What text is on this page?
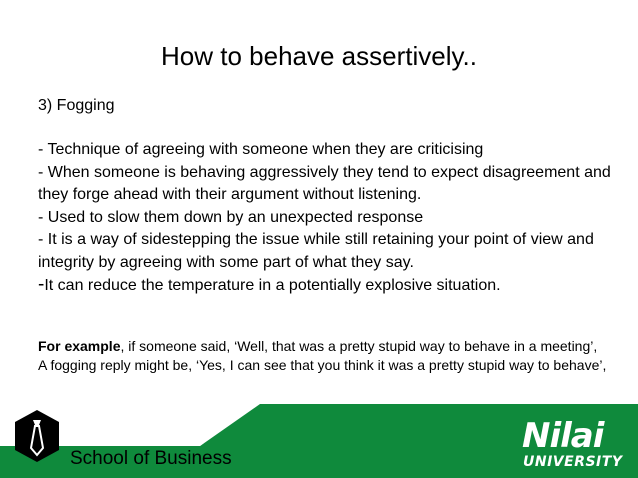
How to behave assertively..
3) Fogging
- Technique of agreeing with someone when they are criticising
- When someone is behaving aggressively they tend to expect disagreement and they forge ahead with their argument without listening.
- Used to slow them down by an unexpected response
- It is a way of sidestepping the issue while still retaining your point of view and integrity by agreeing with some part of what they say.
-It can reduce the temperature in a potentially explosive situation.
For example, if someone said, ‘Well, that was a pretty stupid way to behave in a meeting’,
A fogging reply might be, ‘Yes, I can see that you think it was a pretty stupid way to behave’,
School of Business
Nilai
UNIVERSITY
